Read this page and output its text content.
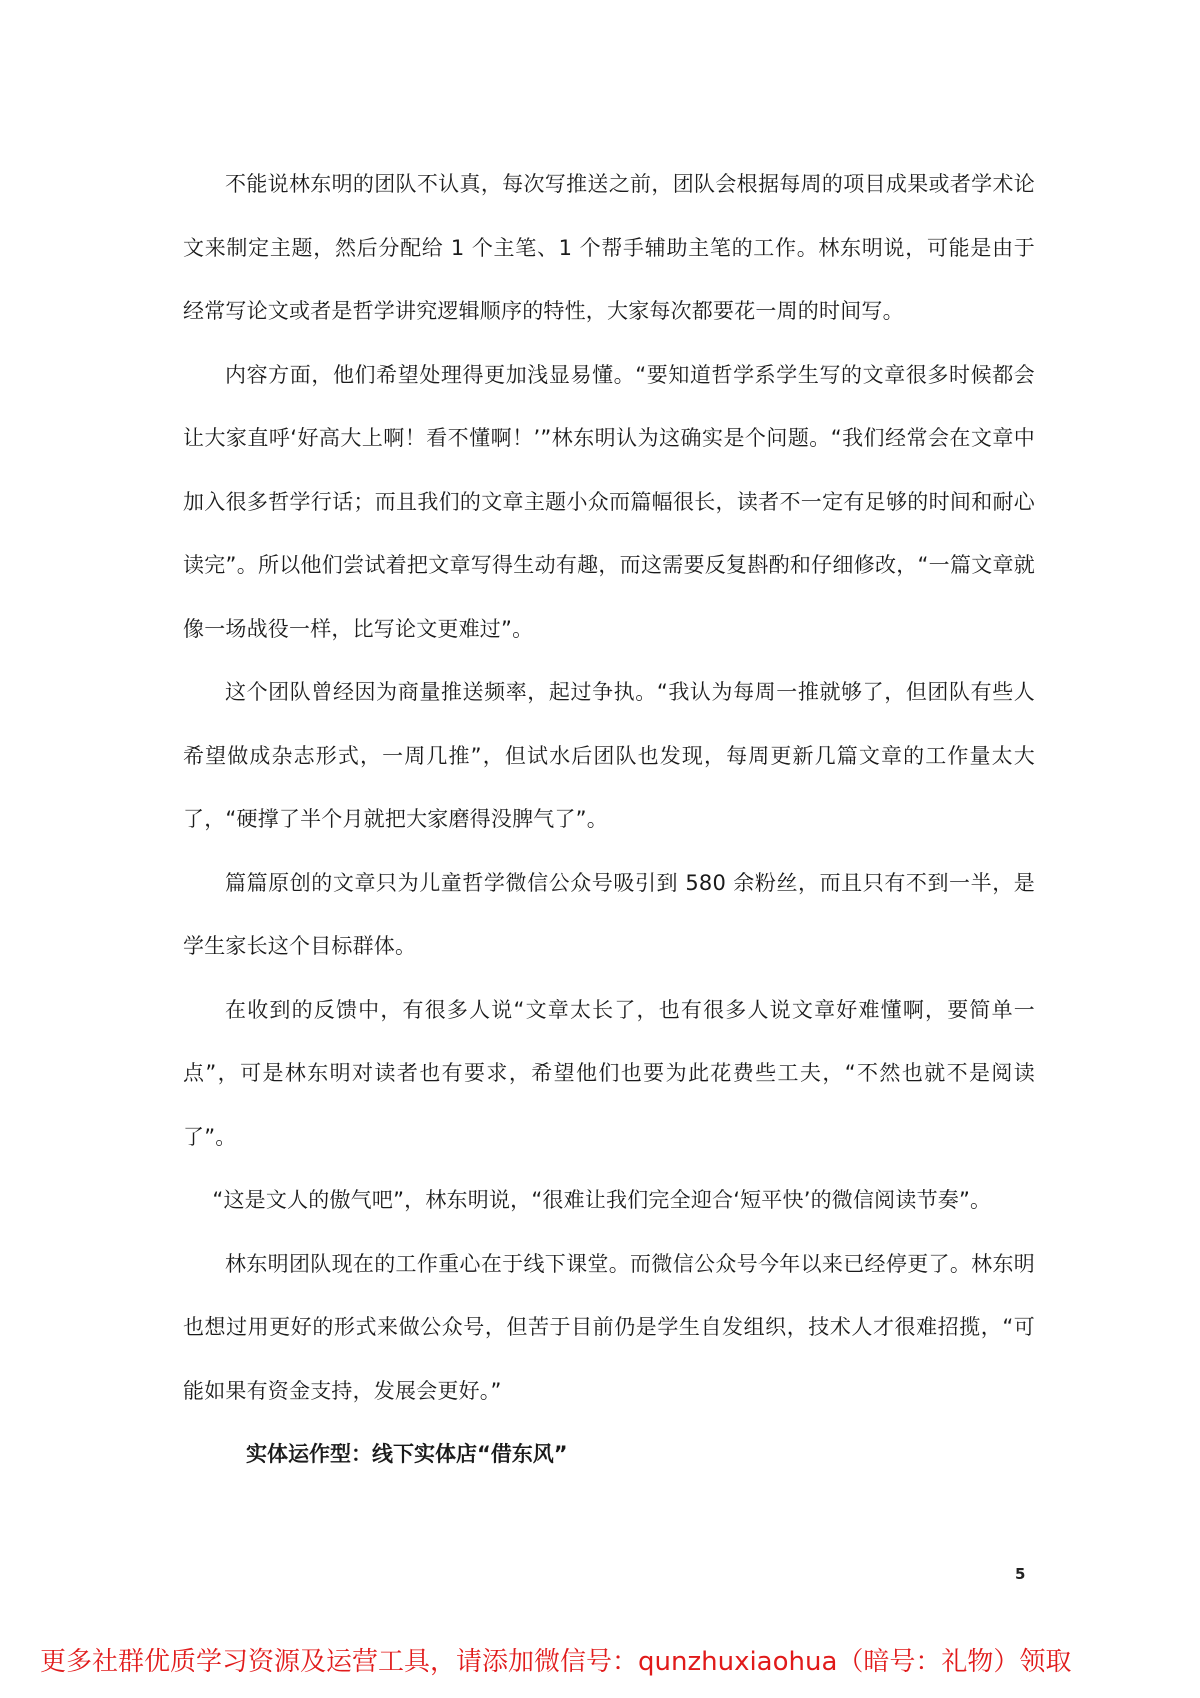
不能说林东明的团队不认真，每次写推送之前，团队会根据每周的项目成果或者学术论文来制定主题，然后分配给 1 个主笔、1 个帮手辅助主笔的工作。林东明说，可能是由于经常写论文或者是哲学讲究逻辑顺序的特性，大家每次都要花一周的时间写。

内容方面，他们希望处理得更加浅显易懂。“要知道哲学系学生写的文章很多时候都会让大家直呼‘好高大上啊！看不懂啊！’”林东明认为这确实是个问题。“我们经常会在文章中加入很多哲学行话；而且我们的文章主题小众而篇幅很长，读者不一定有足够的时间和耐心读完”。所以他们尝试着把文章写得生动有趣，而这需要反复斟酌和仔细修改，“一篇文章就像一场战役一样，比写论文更难过”。

这个团队曾经因为商量推送频率，起过争执。“我认为每周一推就够了，但团队有些人希望做成杂志形式，一周几推”，但试水后团队也发现，每周更新几篇文章的工作量太大了，“硬撑了半个月就把大家磨得没脾气了”。

篇篇原创的文章只为儿童哲学微信公众号吸引到 580 余粉丝，而且只有不到一半，是学生家长这个目标群体。

在收到的反馈中，有很多人说“文章太长了，也有很多人说文章好难懂啊，要简单一点”，可是林东明对读者也有要求，希望他们也要为此花费些工夫，“不然也就不是阅读了”。

“这是文人的傲气吧”，林东明说，“很难让我们完全迎合‘短平快’的微信阅读节奏”。

林东明团队现在的工作重心在于线下课堂。而微信公众号今年以来已经停更了。林东明也想过用更好的形式来做公众号，但苦于目前仍是学生自发组织，技术人才很难招揽，“可能如果有资金支持，发展会更好。”

实体运作型：线下实体店“借东风”

5
更多社群优质学习资源及运营工具，请添加微信号：qunzhuxiaohua（暗号：礼物）领取
